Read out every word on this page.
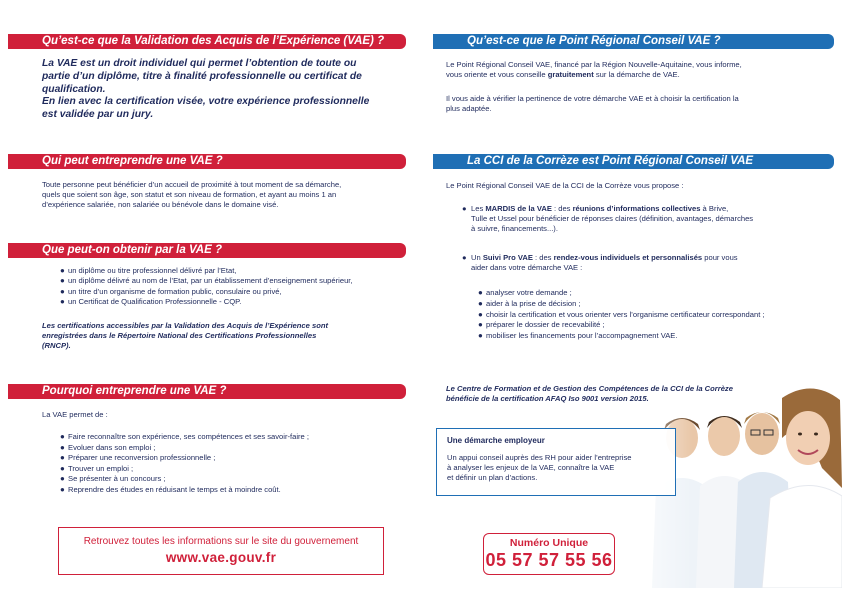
Qu’est-ce que la Validation des Acquis de l’Expérience (VAE) ?
La VAE est un droit individuel qui permet l’obtention de toute ou
partie d’un diplôme, titre à finalité professionnelle ou certificat de
qualification.
En lien avec la certification visée, votre expérience professionnelle
est validée par un jury.
Qui peut entreprendre une VAE ?
Toute personne peut bénéficier d’un accueil de proximité à tout moment de sa démarche,
quels que soient son âge, son statut et son niveau de formation, et ayant au moins 1 an
d’expérience salariée, non salariée ou bénévole dans le domaine visé.
Que peut-on obtenir par la VAE ?
● un diplôme ou titre professionnel délivré par l’Etat,
● un diplôme délivré au nom de l’Etat, par un établissement d’enseignement supérieur,
● un titre d’un organisme de formation public, consulaire ou privé,
● un Certificat de Qualification Professionnelle - CQP.
Les certifications accessibles par la Validation des Acquis de l’Expérience sont
enregistrées dans le Répertoire National des Certifications Professionnelles
(RNCP).
Pourquoi entreprendre une VAE ?
La VAE permet de :
● Faire reconnaître son expérience, ses compétences et ses savoir-faire ;
● Evoluer dans son emploi ;
● Préparer une reconversion professionnelle ;
● Trouver un emploi ;
● Se présenter à un concours ;
● Reprendre des études en réduisant le temps et à moindre coût.
Retrouvez toutes les informations sur le site du gouvernement
www.vae.gouv.fr
Qu’est-ce que le Point Régional Conseil VAE ?
Le Point Régional Conseil VAE, financé par la Région Nouvelle-Aquitaine, vous informe,
vous oriente et vous conseille gratuitement sur la démarche de VAE.
Il vous aide à vérifier la pertinence de votre démarche VAE et à choisir la certification la
plus adaptée.
La CCI de la Corrèze est Point Régional Conseil VAE
Le Point Régional Conseil VAE de la CCI de la Corrèze vous propose :
● Les MARDIS de la VAE : des réunions d’informations collectives à Brive,
Tulle et Ussel pour bénéficier de réponses claires (définition, avantages, démarches
à suivre, financements...).
● Un Suivi Pro VAE : des rendez-vous individuels et personnalisés pour vous
aider dans votre démarche VAE :
● analyser votre demande ;
● aider à la prise de décision ;
● choisir la certification et vous orienter vers l’organisme certificateur correspondant ;
● préparer le dossier de recevabilité ;
● mobiliser les financements pour l’accompagnement VAE.
Le Centre de Formation et de Gestion des Compétences de la CCI de la Corrèze
bénéficie de la certification AFAQ Iso 9001 version 2015.
Une démarche employeur
Un appui conseil auprès des RH pour aider l’entreprise
à analyser les enjeux de la VAE, connaître la VAE
et définir un plan d’actions.
Numéro Unique
05 57 57 55 56
